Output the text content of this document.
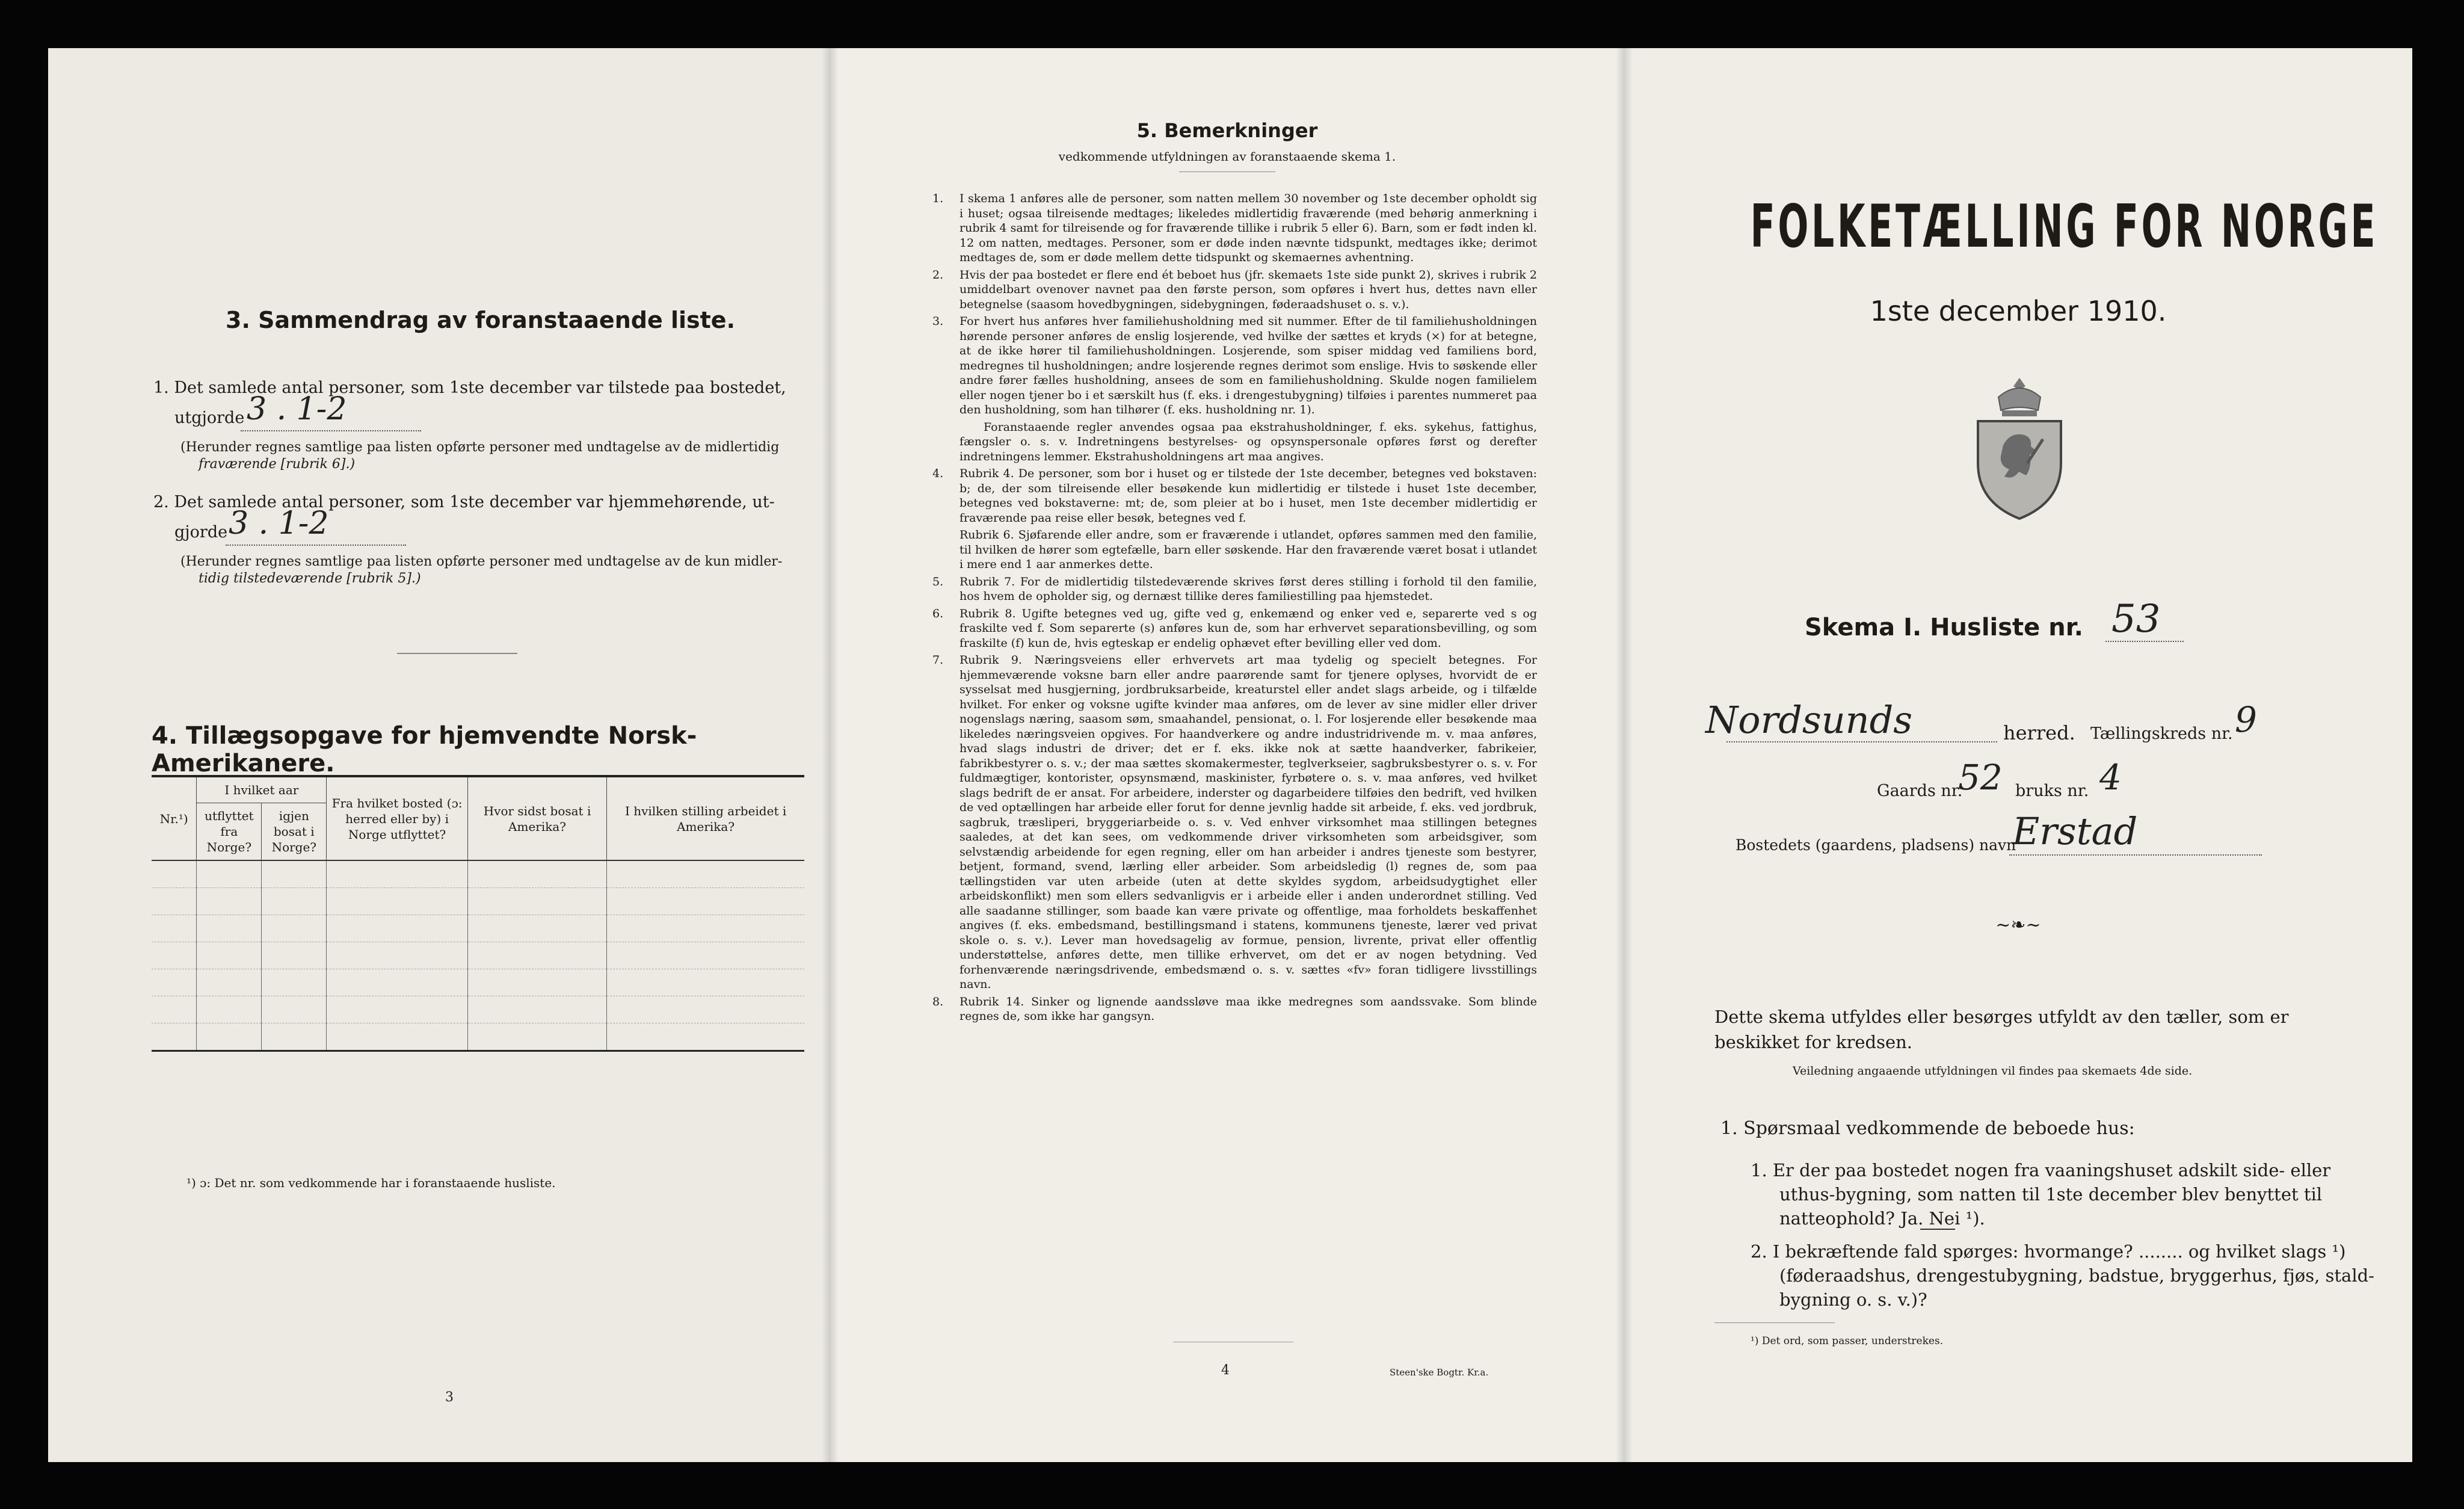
3. Sammendrag av foranstaaende liste.
1. Det samlede antal personer, som 1ste december var tilstede paa bostedet,
utgjorde 3 . 1-2
(Herunder regnes samtlige paa listen opførte personer med undtagelse av de midlertidig
fraværende [rubrik 6].)
2. Det samlede antal personer, som 1ste december var hjemmehørende, ut-
gjorde 3 . 1-2
(Herunder regnes samtlige paa listen opførte personer med undtagelse av de kun midler-
tidig tilstedeværende [rubrik 5].)
4. Tillægsopgave for hjemvendte Norsk-Amerikanere.
Nr.¹)	I hvilket aar		Fra hvilket bosted (ɔ: herred eller by) i Norge utflyttet?	Hvor sidst bosat i Amerika?	I hvilken stilling arbeidet i Amerika?
	utflyttet fra Norge?	igjen bosat i Norge?			

¹) ɔ: Det nr. som vedkommende har i foranstaaende husliste.
3
5. Bemerkninger
vedkommende utfyldningen av foranstaaende skema 1.
1. I skema 1 anføres alle de personer, som natten mellem 30 november og 1ste december opholdt sig i huset; ogsaa tilreisende medtages; likeledes midlertidig fraværende (med behørig anmerkning i rubrik 4 samt for tilreisende og for fraværende tillike i rubrik 5 eller 6). Barn, som er født inden kl. 12 om natten, medtages. Personer, som er døde inden nævnte tidspunkt, medtages ikke; derimot medtages de, som er døde mellem dette tidspunkt og skemaernes avhentning.

2. Hvis der paa bostedet er flere end ét beboet hus (jfr. skemaets 1ste side punkt 2), skrives i rubrik 2 umiddelbart ovenover navnet paa den første person, som opføres i hvert hus, dettes navn eller betegnelse (saasom hovedbygningen, sidebygningen, føderaadshuset o. s. v.).

3. For hvert hus anføres hver familiehusholdning med sit nummer. Efter de til familiehusholdningen hørende personer anføres de enslig losjerende, ved hvilke der sættes et kryds (×) for at betegne, at de ikke hører til familiehusholdningen. Losjerende, som spiser middag ved familiens bord, medregnes til husholdningen; andre losjerende regnes derimot som enslige. Hvis to søskende eller andre fører fælles husholdning, ansees de som en familiehusholdning. Skulde nogen familielem eller nogen tjener bo i et særskilt hus (f. eks. i drengestubygning) tilføies i parentes nummeret paa den husholdning, som han tilhører (f. eks. husholdning nr. 1).

Foranstaaende regler anvendes ogsaa paa ekstrahusholdninger, f. eks. sykehus, fattighus, fængsler o. s. v. Indretningens bestyrelses- og opsynspersonale opføres først og derefter indretningens lemmer. Ekstrahusholdningens art maa angives.

4. Rubrik 4. De personer, som bor i huset og er tilstede der 1ste december, betegnes ved bokstaven: b; de, der som tilreisende eller besøkende kun midlertidig er tilstede i huset 1ste december, betegnes ved bokstaverne: mt; de, som pleier at bo i huset, men 1ste december midlertidig er fraværende paa reise eller besøk, betegnes ved f.

Rubrik 6. Sjøfarende eller andre, som er fraværende i utlandet, opføres sammen med den familie, til hvilken de hører som egtefælle, barn eller søskende. Har den fraværende været bosat i utlandet i mere end 1 aar anmerkes dette.

5. Rubrik 7. For de midlertidig tilstedeværende skrives først deres stilling i forhold til den familie, hos hvem de opholder sig, og dernæst tillike deres familiestilling paa hjemstedet.

6. Rubrik 8. Ugifte betegnes ved ug, gifte ved g, enkemænd og enker ved e, separerte ved s og fraskilte ved f. Som separerte (s) anføres kun de, som har erhvervet separationsbevilling, og som fraskilte (f) kun de, hvis egteskap er endelig ophævet efter bevilling eller ved dom.

7. Rubrik 9. Næringsveiens eller erhvervets art maa tydelig og specielt betegnes. For hjemmeværende voksne barn eller andre paarørende samt for tjenere oplyses, hvorvidt de er sysselsat med husgjerning, jordbruksarbeide, kreaturstel eller andet slags arbeide, og i tilfælde hvilket. For enker og voksne ugifte kvinder maa anføres, om de lever av sine midler eller driver nogenslags næring, saasom søm, smaahandel, pensionat, o. l. For losjerende eller besøkende maa likeledes næringsveien opgives. For haandverkere og andre industridrivende m. v. maa anføres, hvad slags industri de driver; det er f. eks. ikke nok at sætte haandverker, fabrikeier, fabrikbestyrer o. s. v.; der maa sættes skomakermester, teglverkseier, sagbruksbestyrer o. s. v. For fuldmægtiger, kontorister, opsynsmænd, maskinister, fyrbøtere o. s. v. maa anføres, ved hvilket slags bedrift de er ansat. For arbeidere, inderster og dagarbeidere tilføies den bedrift, ved hvilken de ved optællingen har arbeide eller forut for denne jevnlig hadde sit arbeide, f. eks. ved jordbruk, sagbruk, træsliperi, bryggeriarbeide o. s. v. Ved enhver virksomhet maa stillingen betegnes saaledes, at det kan sees, om vedkommende driver virksomheten som arbeidsgiver, som selvstændig arbeidende for egen regning, eller om han arbeider i andres tjeneste som bestyrer, betjent, formand, svend, lærling eller arbeider. Som arbeidsledig (l) regnes de, som paa tællingstiden var uten arbeide (uten at dette skyldes sygdom, arbeidsudygtighet eller arbeidskonflikt) men som ellers sedvanligvis er i arbeide eller i anden underordnet stilling. Ved alle saadanne stillinger, som baade kan være private og offentlige, maa forholdets beskaffenhet angives (f. eks. embedsmand, bestillingsmand i statens, kommunens tjeneste, lærer ved privat skole o. s. v.). Lever man hovedsagelig av formue, pension, livrente, privat eller offentlig understøttelse, anføres dette, men tillike erhvervet, om det er av nogen betydning. Ved forhenværende næringsdrivende, embedsmænd o. s. v. sættes «fv» foran tidligere livsstillings navn.

8. Rubrik 14. Sinker og lignende aandssløve maa ikke medregnes som aandssvake. Som blinde regnes de, som ikke har gangsyn.

4	Steen'ske Bogtr. Kr.a.
FOLKETÆLLING FOR NORGE
1ste december 1910.
Skema I. Husliste nr. 53
Nordsunds	herred. Tællingskreds nr. 9
Gaards nr.
52 bruks nr. 4
Bostedets (gaardens, pladsens) navn
Erstad
~❧~
Dette skema utfyldes eller besørges utfyldt av den tæller, som er
beskikket for kredsen.
Veiledning angaaende utfyldningen vil findes paa skemaets 4de side.
1. Spørsmaal vedkommende de beboede hus:
1. Er der paa bostedet nogen fra vaaningshuset adskilt side- eller
uthus-bygning, som natten til 1ste december blev benyttet til
natteophold? Ja. Nei ¹).
2. I bekræftende fald spørges: hvormange? ........ og hvilket slags ¹)
(føderaadshus, drengestubygning, badstue, bryggerhus, fjøs, stald-
bygning o. s. v.)?
¹) Det ord, som passer, understrekes.
